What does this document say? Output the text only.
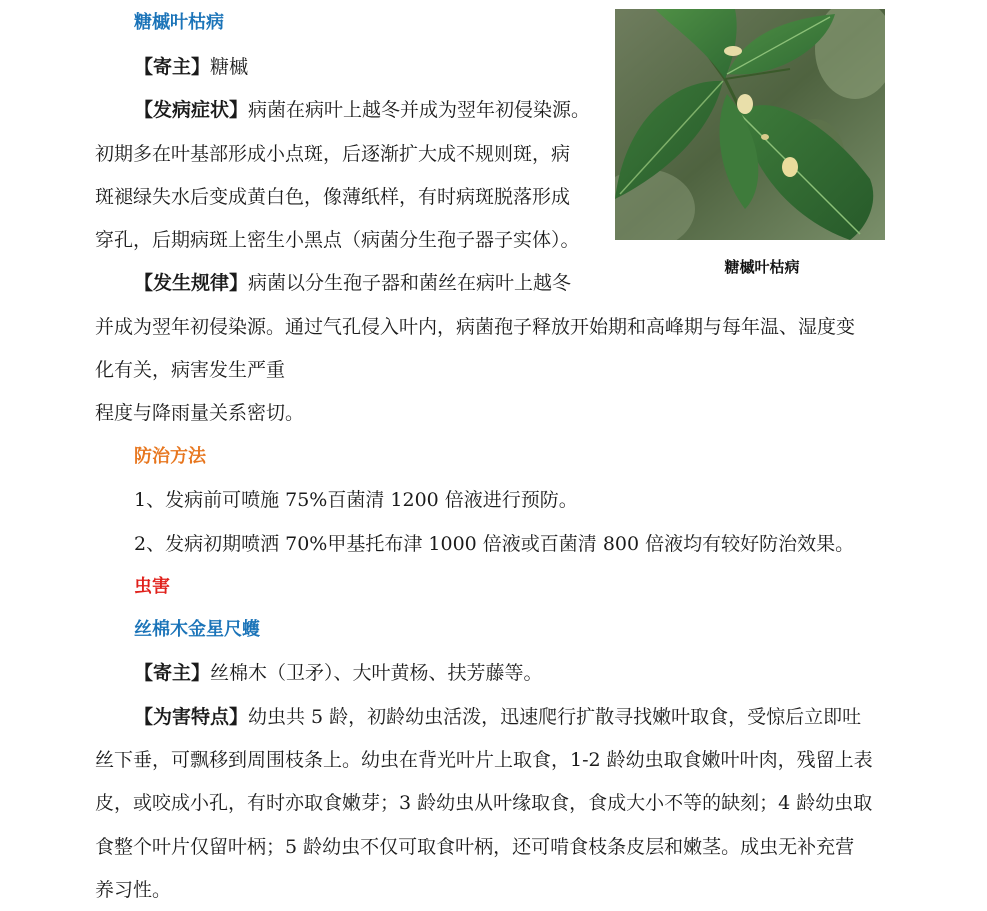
糖槭叶枯病
【寄主】糖槭
【发病症状】病菌在病叶上越冬并成为翌年初侵染源。
初期多在叶基部形成小点斑，后逐渐扩大成不规则斑，病
斑褪绿失水后变成黄白色，像薄纸样，有时病斑脱落形成
穿孔，后期病斑上密生小黑点（病菌分生孢子器子实体）。
【发生规律】病菌以分生孢子器和菌丝在病叶上越冬
并成为翌年初侵染源。通过气孔侵入叶内，病菌孢子释放开始期和高峰期与每年温、湿度变
化有关，病害发生严重
程度与降雨量关系密切。
糖槭叶枯病
防治方法
1、发病前可喷施 75%百菌清 1200 倍液进行预防。
2、发病初期喷洒 70%甲基托布津 1000 倍液或百菌清 800 倍液均有较好防治效果。
虫害
丝棉木金星尺蠖
【寄主】丝棉木（卫矛）、大叶黄杨、扶芳藤等。
【为害特点】幼虫共 5 龄，初龄幼虫活泼，迅速爬行扩散寻找嫩叶取食，受惊后立即吐
丝下垂，可飘移到周围枝条上。幼虫在背光叶片上取食，1-2 龄幼虫取食嫩叶叶肉，残留上表
皮，或咬成小孔，有时亦取食嫩芽；3 龄幼虫从叶缘取食，食成大小不等的缺刻；4 龄幼虫取
食整个叶片仅留叶柄；5 龄幼虫不仅可取食叶柄，还可啃食枝条皮层和嫩茎。成虫无补充营
养习性。
